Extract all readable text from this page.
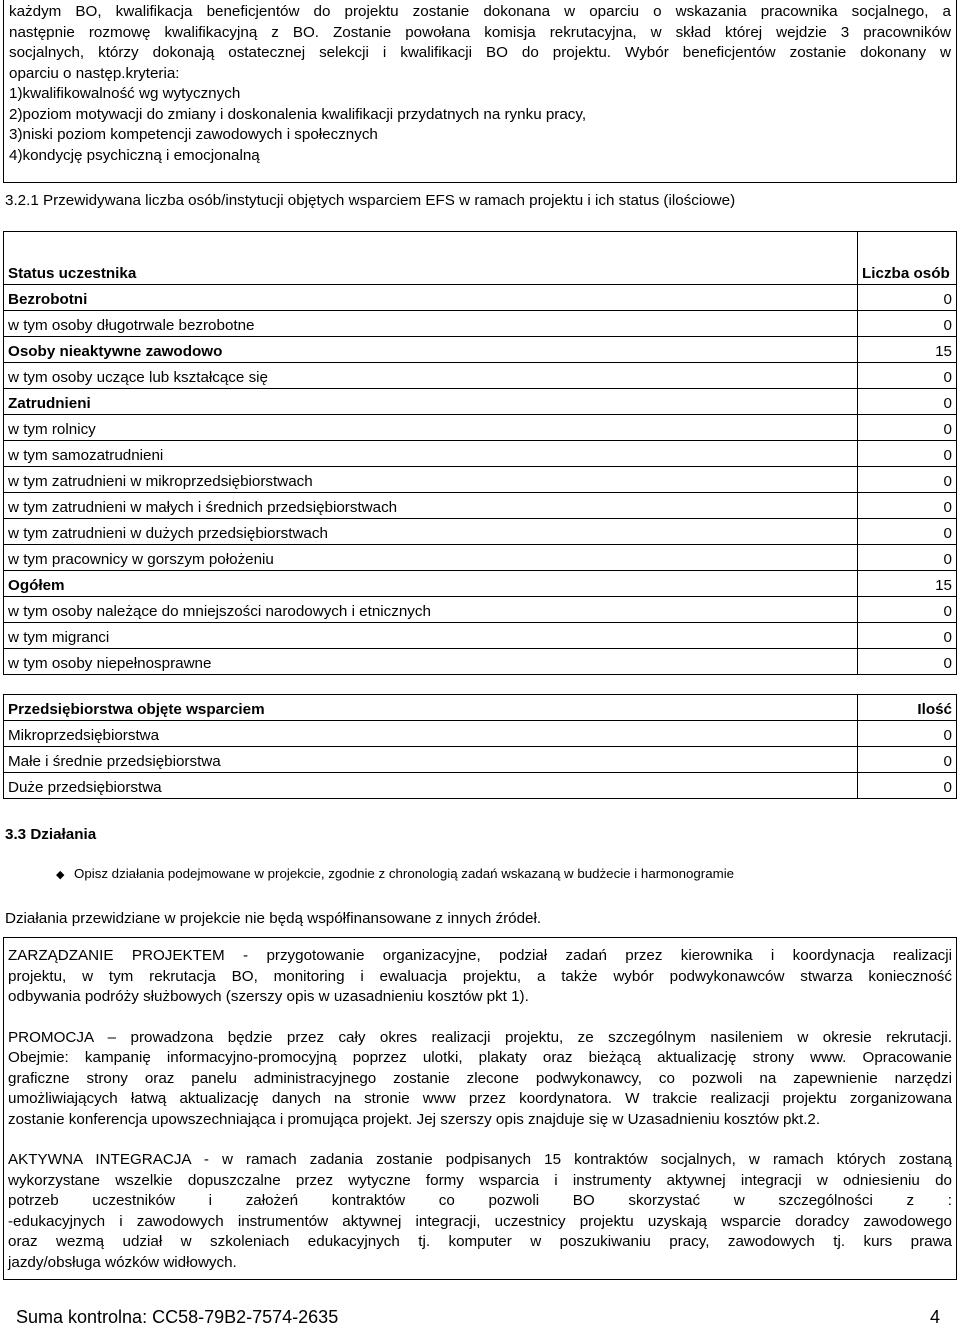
każdym BO, kwalifikacja beneficjentów do projektu zostanie dokonana w oparciu o wskazania pracownika socjalnego, a
następnie rozmowę kwalifikacyjną z BO. Zostanie powołana komisja rekrutacyjna, w skład której wejdzie 3 pracowników
socjalnych, którzy dokonają ostatecznej selekcji i kwalifikacji BO do projektu. Wybór beneficjentów zostanie dokonany w
oparciu o następ.kryteria:
1)kwalifikowalność wg wytycznych
2)poziom motywacji do zmiany i doskonalenia kwalifikacji przydatnych na rynku pracy,
3)niski poziom kompetencji zawodowych i społecznych
4)kondycję psychiczną i emocjonalną
3.2.1 Przewidywana liczba osób/instytucji objętych wsparciem EFS w ramach projektu i ich status (ilościowe)
Status uczestnika	Liczba osób
Bezrobotni	0
w tym osoby długotrwale bezrobotne	0
Osoby nieaktywne zawodowo	15
w tym osoby uczące lub kształcące się	0
Zatrudnieni	0
w tym rolnicy	0
w tym samozatrudnieni	0
w tym zatrudnieni w mikroprzedsiębiorstwach	0
w tym zatrudnieni w małych i średnich przedsiębiorstwach	0
w tym zatrudnieni w dużych przedsiębiorstwach	0
w tym pracownicy w gorszym położeniu	0
Ogółem	15
w tym osoby należące do mniejszości narodowych i etnicznych	0
w tym migranci	0
w tym osoby niepełnosprawne	0
Przedsiębiorstwa objęte wsparciem	Ilość
Mikroprzedsiębiorstwa	0
Małe i średnie przedsiębiorstwa	0
Duże przedsiębiorstwa	0
3.3 Działania
◆ Opisz działania podejmowane w projekcie, zgodnie z chronologią zadań wskazaną w budżecie i harmonogramie
Działania przewidziane w projekcie nie będą współfinansowane z innych źródeł.
ZARZĄDZANIE PROJEKTEM - przygotowanie organizacyjne, podział zadań przez kierownika i koordynacja realizacji
projektu, w tym rekrutacja BO, monitoring i ewaluacja projektu, a także wybór podwykonawców stwarza konieczność
odbywania podróży służbowych (szerszy opis w uzasadnieniu kosztów pkt 1).
PROMOCJA – prowadzona będzie przez cały okres realizacji projektu, ze szczególnym nasileniem w okresie rekrutacji.
Obejmie: kampanię informacyjno-promocyjną poprzez ulotki, plakaty oraz bieżącą aktualizację strony www. Opracowanie
graficzne strony oraz panelu administracyjnego zostanie zlecone podwykonawcy, co pozwoli na zapewnienie narzędzi
umożliwiających łatwą aktualizację danych na stronie www przez koordynatora. W trakcie realizacji projektu zorganizowana
zostanie konferencja upowszechniająca i promująca projekt. Jej szerszy opis znajduje się w Uzasadnieniu kosztów pkt.2.
AKTYWNA INTEGRACJA - w ramach zadania zostanie podpisanych 15 kontraktów socjalnych, w ramach których zostaną
wykorzystane wszelkie dopuszczalne przez wytyczne formy wsparcia i instrumenty aktywnej integracji w odniesieniu do
potrzeb uczestników i założeń kontraktów co pozwoli BO skorzystać w szczególności z :
-edukacyjnych i zawodowych instrumentów aktywnej integracji, uczestnicy projektu uzyskają wsparcie doradcy zawodowego
oraz wezmą udział w szkoleniach edukacyjnych tj. komputer w poszukiwaniu pracy, zawodowych tj. kurs prawa
jazdy/obsługa wózków widłowych.
Suma kontrolna: CC58-79B2-7574-2635	4
